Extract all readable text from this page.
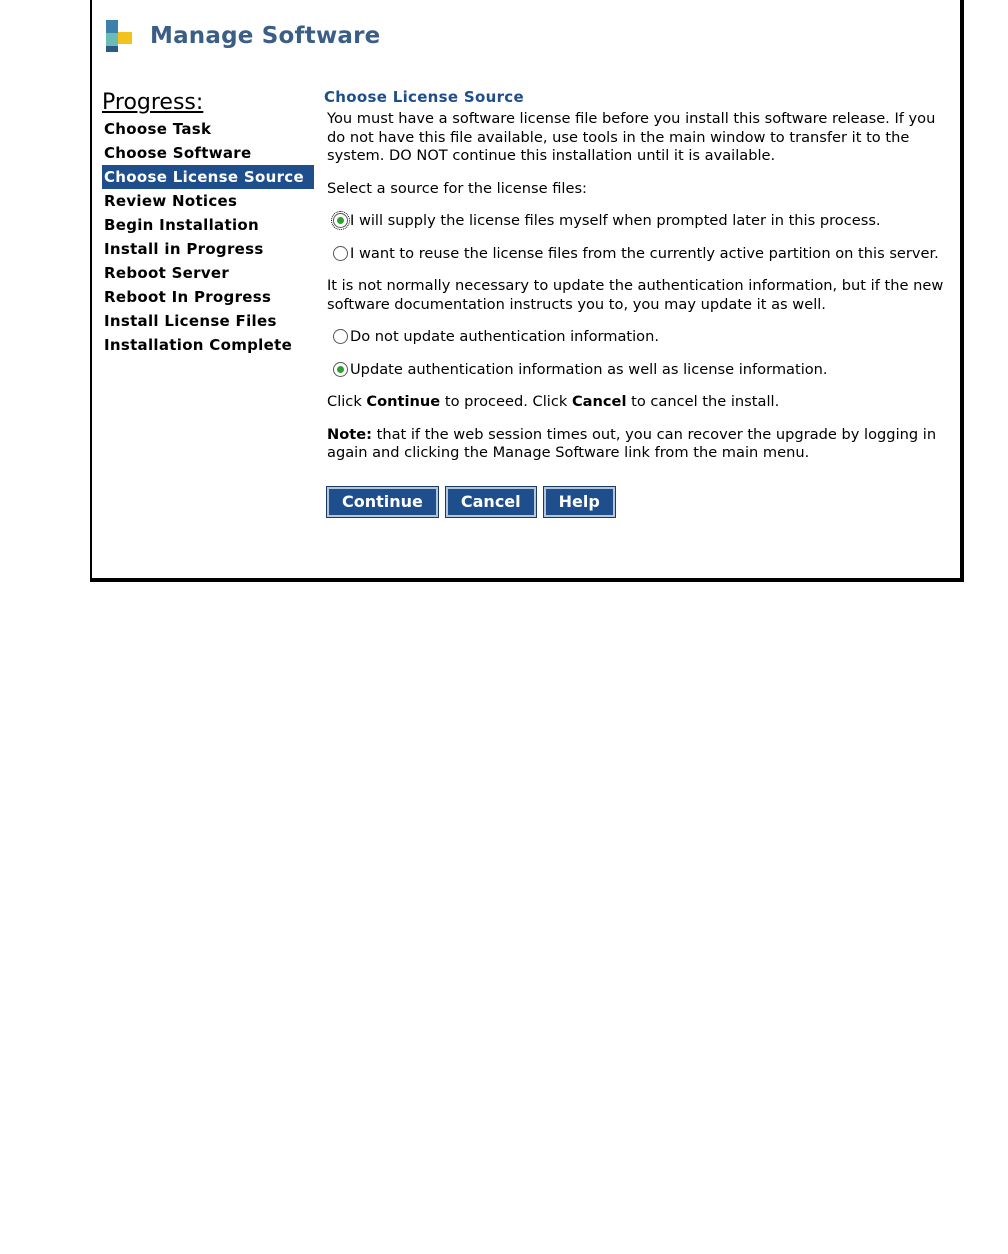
Manage Software
Progress:
Choose Task
Choose Software
Choose License Source
Review Notices
Begin Installation
Install in Progress
Reboot Server
Reboot In Progress
Install License Files
Installation Complete
Choose License Source
You must have a software license file before you install this software release. If you do not have this file available, use tools in the main window to transfer it to the system. DO NOT continue this installation until it is available.
Select a source for the license files:
I will supply the license files myself when prompted later in this process.
I want to reuse the license files from the currently active partition on this server.
It is not normally necessary to update the authentication information, but if the new software documentation instructs you to, you may update it as well.
Do not update authentication information.
Update authentication information as well as license information.
Click Continue to proceed. Click Cancel to cancel the install.
Note: that if the web session times out, you can recover the upgrade by logging in again and clicking the Manage Software link from the main menu.
Continue	Cancel	Help
